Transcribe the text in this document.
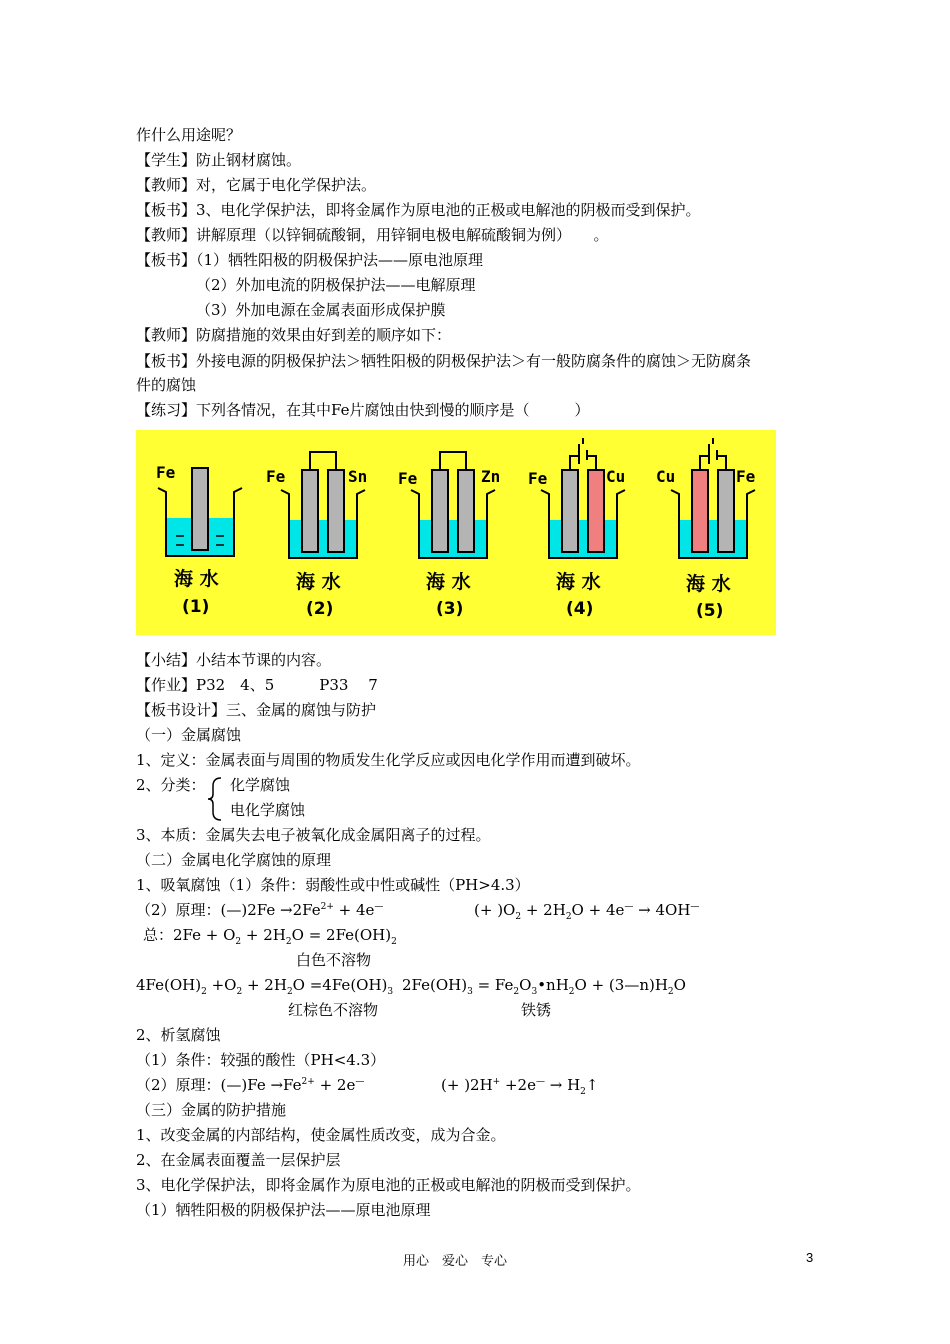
作什么用途呢？
【学生】防止钢材腐蚀。
【教师】对，它属于电化学保护法。
【板书】3、电化学保护法，即将金属作为原电池的正极或电解池的阴极而受到保护。
【教师】讲解原理（以锌铜硫酸铜，用锌铜电极电解硫酸铜为例）　　。
【板书】（1）牺牲阳极的阴极保护法——原电池原理
（2）外加电流的阴极保护法——电解原理
（3）外加电源在金属表面形成保护膜
【教师】防腐措施的效果由好到差的顺序如下：
【板书】外接电源的阴极保护法＞牺牲阳极的阴极保护法＞有一般防腐条件的腐蚀＞无防腐条
件的腐蚀
【练习】下列各情况，在其中Fe片腐蚀由快到慢的顺序是（　　　）
Fe	Fe	Sn Fe	Zn Fe	Cu Cu	Fe
海 水	海 水	海 水	海 水	海 水
(1)	(2)	(3)	(4)	(5)
【小结】小结本节课的内容。
【作业】P32　4、5　　　P33　 7
【板书设计】三、金属的腐蚀与防护
（一）金属腐蚀
1、定义：金属表面与周围的物质发生化学反应或因电化学作用而遭到破坏。
2、分类： 化学腐蚀
电化学腐蚀
3、本质：金属失去电子被氧化成金属阳离子的过程。
（二）金属电化学腐蚀的原理
1、吸氧腐蚀（1）条件：弱酸性或中性或碱性（PH>4.3）
（2）原理：(—)2Fe $\to 2Fe^{2+} + 4e^—$	(+ )$O_2 + 2H_2O + 4e^— \to 4OH^—$
总：$2Fe + O_2 + 2H_2O = 2Fe(OH)_2$
白色不溶物
$4Fe(OH)_2 +O_2 + 2H_2O =4Fe(OH)_3$ $2Fe(OH)_3$ = $Fe_2O_3•nH_2O$ + $(3—n)H_2O$
红棕色不溶物	铁锈
2、析氢腐蚀
（1）条件：较强的酸性（PH<4.3）
（2）原理：(—)Fe $\to Fe^{2+} + 2e^—$	(+ )$2H^+ +2e^— \to H_2↑$
（三）金属的防护措施
1、改变金属的内部结构，使金属性质改变，成为合金。
2、在金属表面覆盖一层保护层
3、电化学保护法，即将金属作为原电池的正极或电解池的阴极而受到保护。
（1）牺牲阳极的阴极保护法——原电池原理
用心　爱心　专心	3
